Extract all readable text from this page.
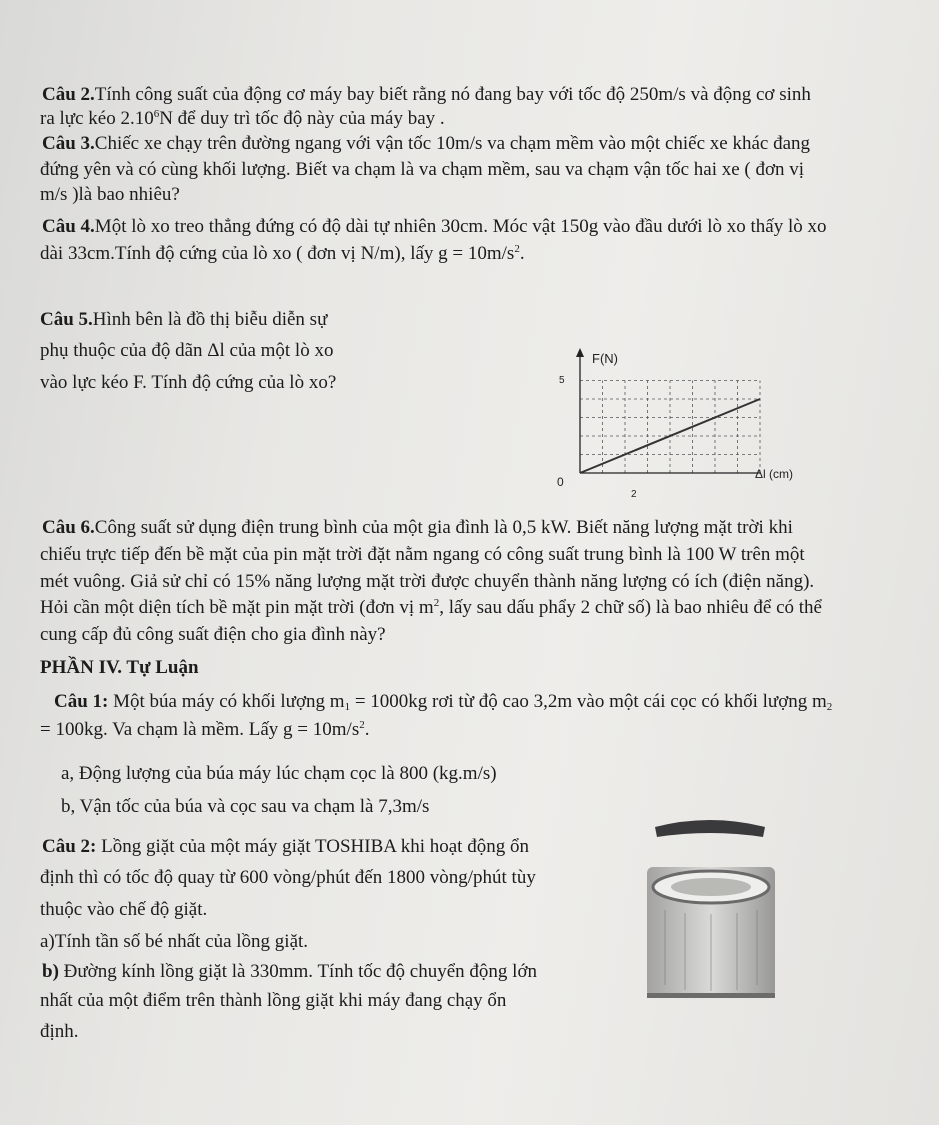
Câu 2.Tính công suất của động cơ máy bay biết rằng nó đang bay với tốc độ 250m/s và động cơ sinh
ra lực kéo 2.10$^6$N để duy trì tốc độ này của máy bay .
Câu 3.Chiếc xe chạy trên đường ngang với vận tốc 10m/s va chạm mềm vào một chiếc xe khác đang
đứng yên và có cùng khối lượng. Biết va chạm là va chạm mềm, sau va chạm vận tốc hai xe ( đơn vị
m/s )là bao nhiêu?
Câu 4.Một lò xo treo thẳng đứng có độ dài tự nhiên 30cm. Móc vật 150g vào đầu dưới lò xo thấy lò xo
dài 33cm.Tính độ cứng của lò xo ( đơn vị N/m), lấy $g = 10m/s^2$.
Câu 5.Hình bên là đồ thị biễu diễn sự
phụ thuộc của độ dãn Δl của một lò xo
vào lực kéo F. Tính độ cứng của lò xo?
F(N)
5
0
2
Δl (cm)
Câu 6.Công suất sử dụng điện trung bình của một gia đình là 0,5 kW. Biết năng lượng mặt trời khi
chiếu trực tiếp đến bề mặt của pin mặt trời đặt nằm ngang có công suất trung bình là 100 W trên một
mét vuông. Giả sử chỉ có 15% năng lượng mặt trời được chuyển thành năng lượng có ích (điện năng).
Hỏi cần một diện tích bề mặt pin mặt trời (đơn vị $m^2$, lấy sau dấu phẩy 2 chữ số) là bao nhiêu để có thể
cung cấp đủ công suất điện cho gia đình này?
PHẦN IV. Tự Luận
Câu 1: Một búa máy có khối lượng $m_1 = 1000kg$ rơi từ độ cao 3,2m vào một cái cọc có khối lượng $m_2$
= 100kg. Va chạm là mềm. Lấy $g = 10m/s^2$.
a, Động lượng của búa máy lúc chạm cọc là 800 (kg.m/s)
b, Vận tốc của búa và cọc sau va chạm là 7,3m/s
Câu 2: Lồng giặt của một máy giặt TOSHIBA khi hoạt động ổn
định thì có tốc độ quay từ 600 vòng/phút đến 1800 vòng/phút tùy
thuộc vào chế độ giặt.
a)Tính tần số bé nhất của lồng giặt.
b) Đường kính lồng giặt là 330mm. Tính tốc độ chuyển động lớn
nhất của một điểm trên thành lồng giặt khi máy đang chạy ổn
định.
